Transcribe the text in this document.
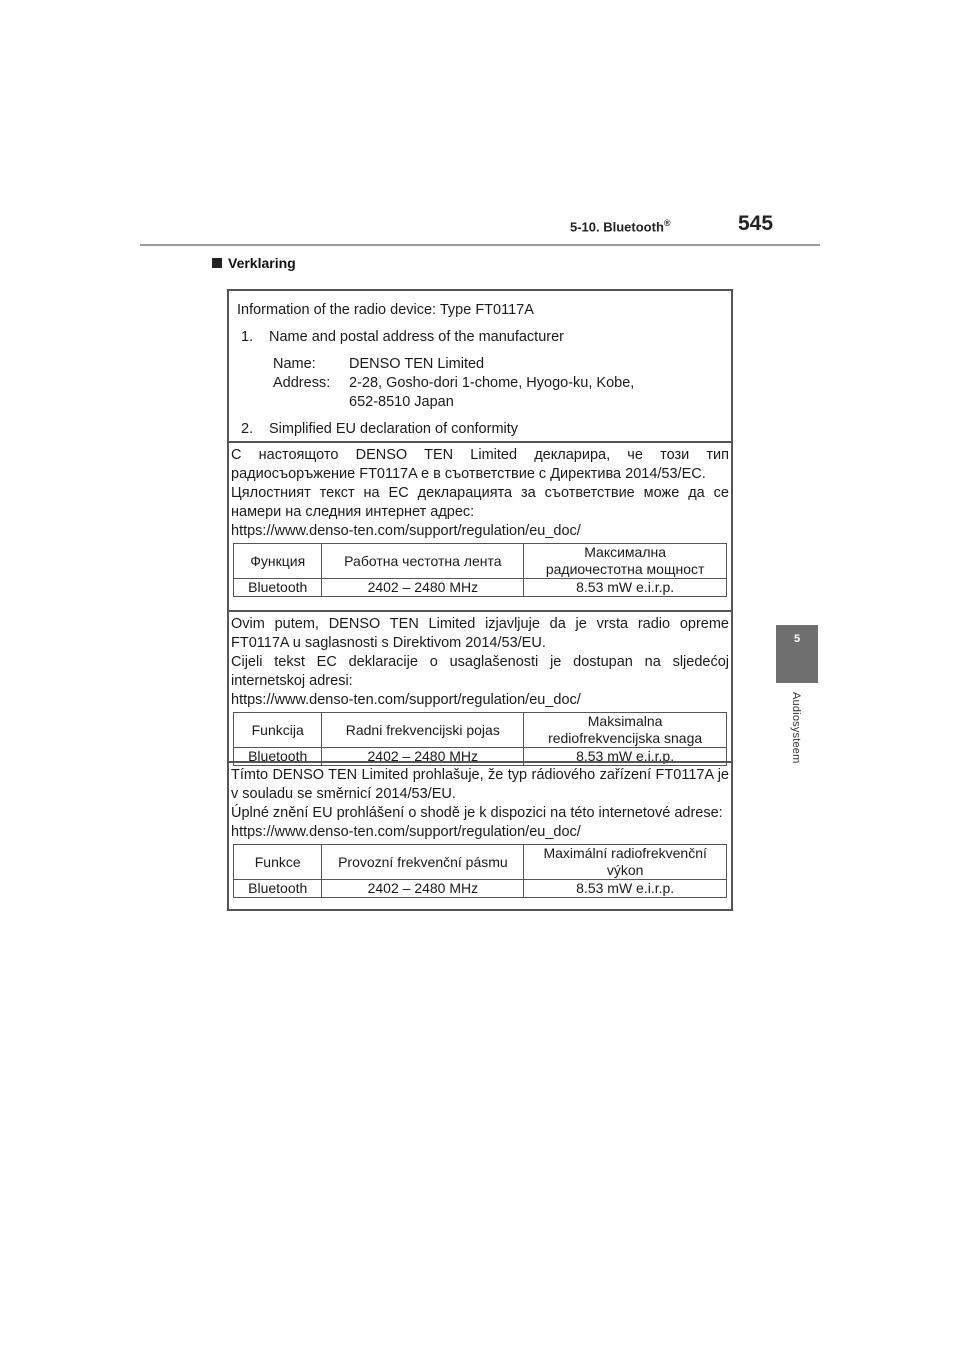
5-10. Bluetooth®	545
Verklaring
5
Audiosysteem
Information of the radio device: Type FT0117A
1.	Name and postal address of the manufacturer
Name:	DENSO TEN Limited
Address:	2-28, Gosho-dori 1-chome, Hyogo-ku, Kobe,
652-8510 Japan
2.	Simplified EU declaration of conformity

С настоящото DENSO TEN Limited декларира, че този тип радиосъоръжение FT0117A е в съответствие с Директива 2014/53/ЕС.

Цялостният текст на ЕС декларацията за съответствие може да се намери на следния интернет адрес:

https://www.denso-ten.com/support/regulation/eu_doc/

Функция	Работна честотна лента	Максимална
радиочестотна мощност
Bluetooth	2402 – 2480 MHz	8.53 mW e.i.r.p.

Ovim putem, DENSO TEN Limited izjavljuje da je vrsta radio opreme FT0117A u saglasnosti s Direktivom 2014/53/EU.

Cijeli tekst EC deklaracije o usaglašenosti je dostupan na sljedećoj internetskoj adresi:

https://www.denso-ten.com/support/regulation/eu_doc/

Funkcija	Radni frekvencijski pojas	Maksimalna
rediofrekvencijska snaga
Bluetooth	2402 – 2480 MHz	8.53 mW e.i.r.p.

Tímto DENSO TEN Limited prohlašuje, že typ rádiového zařízení FT0117A je v souladu se směrnicí 2014/53/EU.

Úplné znění EU prohlášení o shodě je k dispozici na této internetové adrese:

https://www.denso-ten.com/support/regulation/eu_doc/

Funkce	Provozní frekvenční pásmu	Maximální radiofrekvenční
výkon
Bluetooth	2402 – 2480 MHz	8.53 mW e.i.r.p.
